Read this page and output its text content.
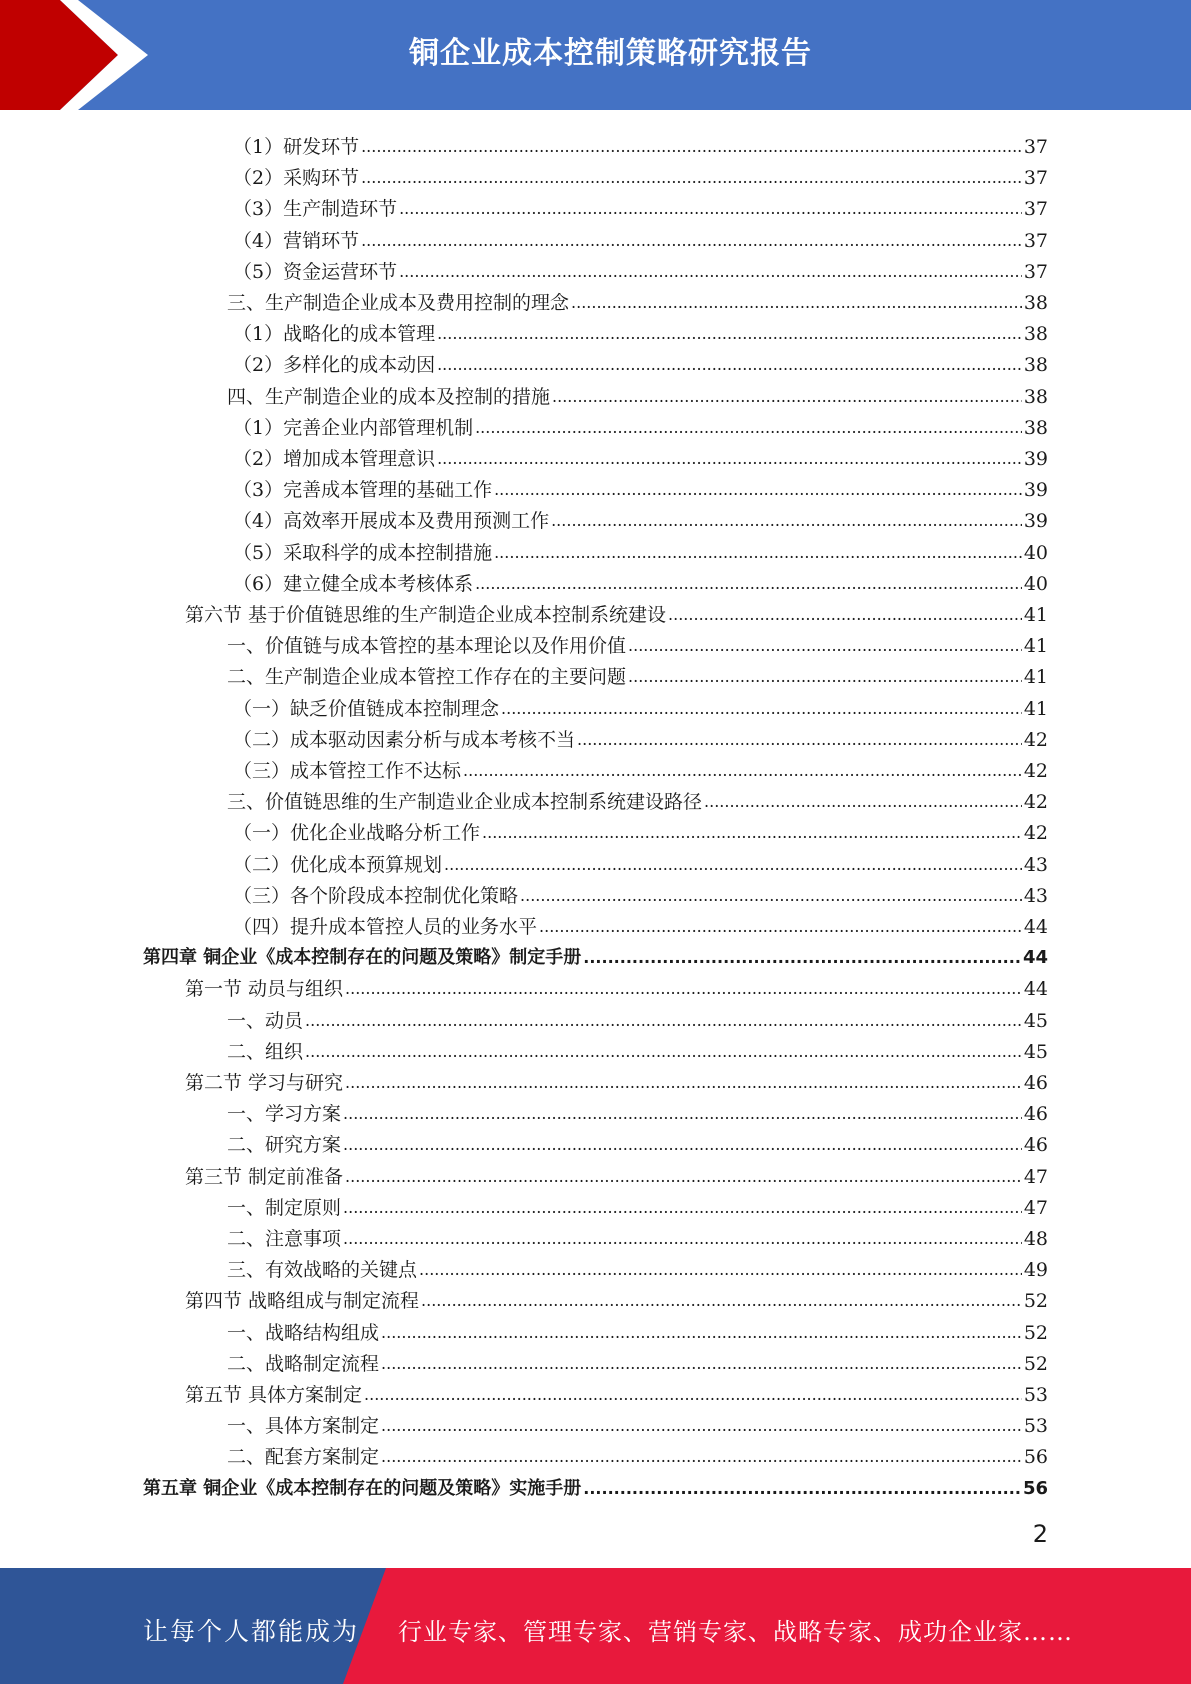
铜企业成本控制策略研究报告
（1）研发环节 .....	37
（2）采购环节 .....	37
（3）生产制造环节 .....	37
（4）营销环节 .....	37
（5）资金运营环节 .....	37
三、生产制造企业成本及费用控制的理念 .....	38
（1）战略化的成本管理 .....	38
（2）多样化的成本动因 .....	38
四、生产制造企业的成本及控制的措施 .....	38
（1）完善企业内部管理机制 .....	38
（2）增加成本管理意识 .....	39
（3）完善成本管理的基础工作 .....	39
（4）高效率开展成本及费用预测工作 .....	39
（5）采取科学的成本控制措施 .....	40
（6）建立健全成本考核体系 .....	40
第六节 基于价值链思维的生产制造企业成本控制系统建设 .....	41
一、价值链与成本管控的基本理论以及作用价值 .....	41
二、生产制造企业成本管控工作存在的主要问题 .....	41
（一）缺乏价值链成本控制理念 .....	41
（二）成本驱动因素分析与成本考核不当 .....	42
（三）成本管控工作不达标 .....	42
三、价值链思维的生产制造业企业成本控制系统建设路径 .....	42
（一）优化企业战略分析工作 .....	42
（二）优化成本预算规划 .....	43
（三）各个阶段成本控制优化策略 .....	43
（四）提升成本管控人员的业务水平 .....	44
第四章 铜企业《成本控制存在的问题及策略》制定手册 .....	44
第一节 动员与组织 .....	44
一、动员 .....	45
二、组织 .....	45
第二节 学习与研究 .....	46
一、学习方案 .....	46
二、研究方案 .....	46
第三节 制定前准备 .....	47
一、制定原则 .....	47
二、注意事项 .....	48
三、有效战略的关键点 .....	49
第四节 战略组成与制定流程 .....	52
一、战略结构组成 .....	52
二、战略制定流程 .....	52
第五节 具体方案制定 .....	53
一、具体方案制定 .....	53
二、配套方案制定 .....	56
第五章 铜企业《成本控制存在的问题及策略》实施手册 .....	56
2
让每个人都能成为 行业专家、管理专家、营销专家、战略专家、成功企业家……
